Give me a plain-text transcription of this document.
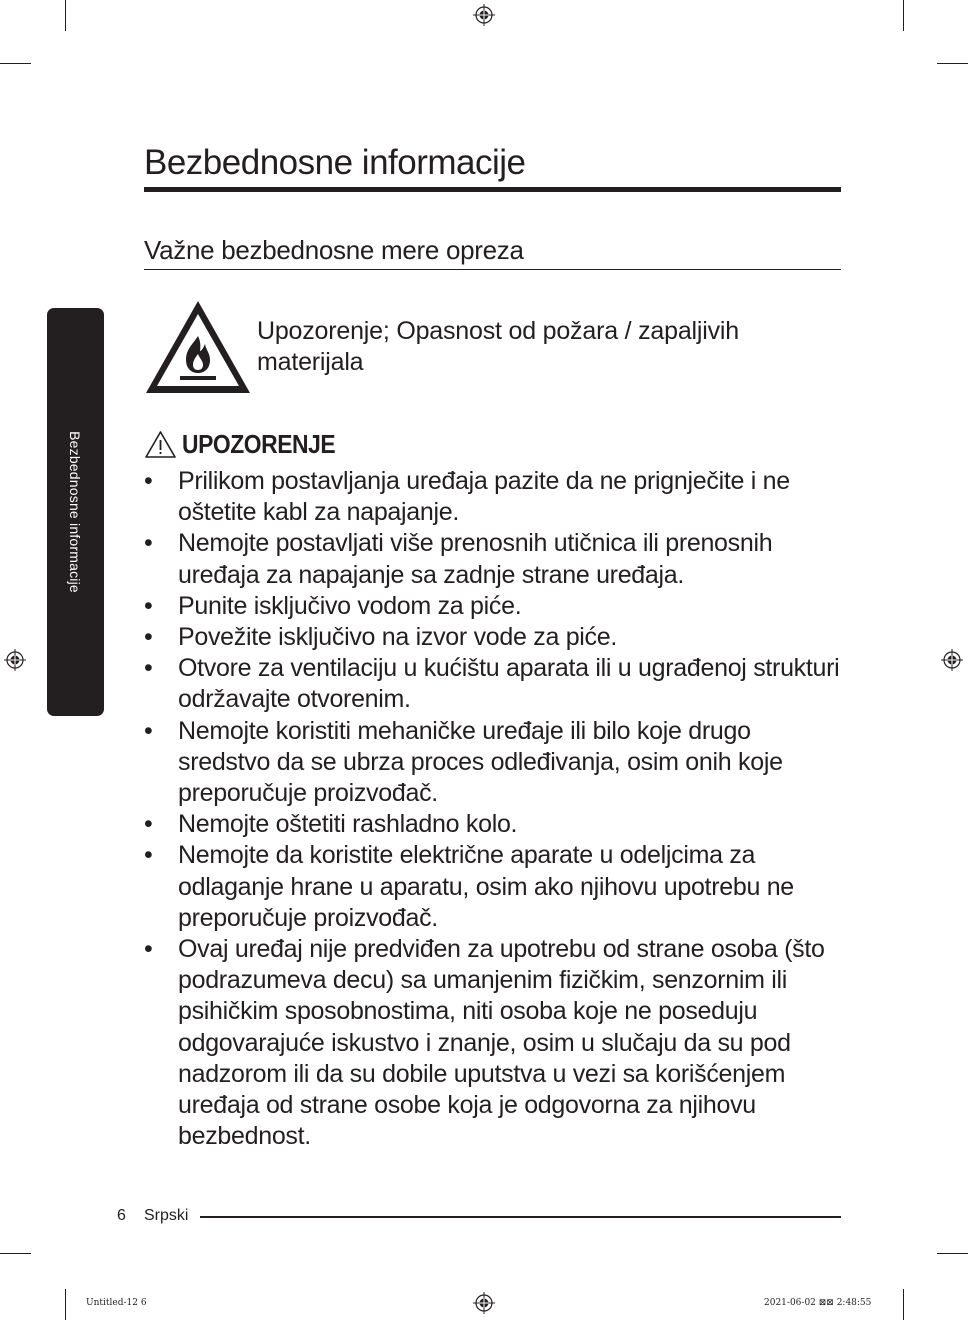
Bezbednosne informacije
Važne bezbednosne mere opreza
Bezbednosne informacije
Upozorenje; Opasnost od požara / zapaljivih materijala
UPOZORENJE
• Prilikom postavljanja uređaja pazite da ne prignječite i ne oštetite kabl za napajanje.
• Nemojte postavljati više prenosnih utičnica ili prenosnih uređaja za napajanje sa zadnje strane uređaja.
• Punite isključivo vodom za piće.
• Povežite isključivo na izvor vode za piće.
• Otvore za ventilaciju u kućištu aparata ili u ugrađenoj strukturi održavajte otvorenim.
• Nemojte koristiti mehaničke uređaje ili bilo koje drugo sredstvo da se ubrza proces odleđivanja, osim onih koje preporučuje proizvođač.
• Nemojte oštetiti rashladno kolo.
• Nemojte da koristite električne aparate u odeljcima za odlaganje hrane u aparatu, osim ako njihovu upotrebu ne preporučuje proizvođač.
• Ovaj uređaj nije predviđen za upotrebu od strane osoba (što podrazumeva decu) sa umanjenim fizičkim, senzornim ili psihičkim sposobnostima, niti osoba koje ne poseduju odgovarajuće iskustvo i znanje, osim u slučaju da su pod nadzorom ili da su dobile uputstva u vezi sa korišćenjem uređaja od strane osobe koja je odgovorna za njihovu bezbednost.
6 Srpski
Untitled-12 6	2021-06-02 ⊠⊠ 2:48:55
